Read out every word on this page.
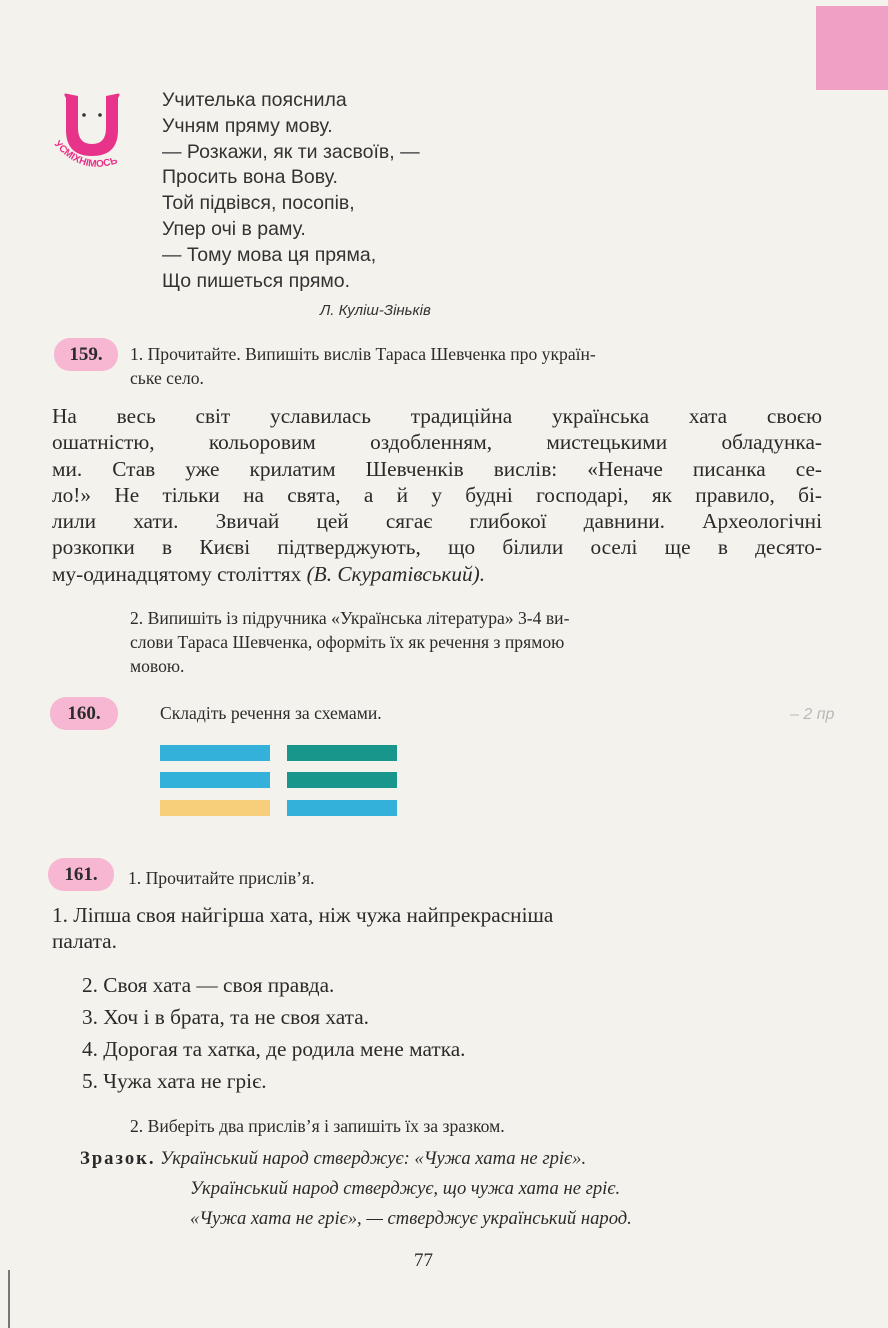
УСМІХНІМОСЬ
Учителька пояснила
Учням пряму мову.
— Розкажи, як ти засвоїв, —
Просить вона Вову.
Той підвівся, посопів,
Упер очі в раму.
— Тому мова ця пряма,
Що пишеться прямо.
Л. Куліш-Зіньків
159.	1. Прочитайте. Випишіть вислів Тараса Шевченка про україн-
ське село.
На весь світ уславилась традиційна українська хата своєю
ошатністю, кольоровим оздобленням, мистецькими обладунка-
ми. Став уже крилатим Шевченків вислів: «Неначе писанка се-
ло!» Не тільки на свята, а й у будні господарі, як правило, бі-
лили хати. Звичай цей сягає глибокої давнини. Археологічні
розкопки в Києві підтверджують, що білили оселі ще в десято-
му-одинадцятому століттях (В. Скуратівський).
2. Випишіть із підручника «Українська література» 3-4 ви-
слови Тараса Шевченка, оформіть їх як речення з прямою
мовою.
160.	Складіть речення за схемами.	– 2 пр
161.	1. Прочитайте прислів’я.
1. Ліпша своя найгірша хата, ніж чужа найпрекрасніша
палата.
2. Своя хата — своя правда.
3. Хоч і в брата, та не своя хата.
4. Дорогая та хатка, де родила мене матка.
5. Чужа хата не гріє.
2. Виберіть два прислів’я і запишіть їх за зразком.
Зразок. Український народ стверджує: «Чужа хата не гріє».
Український народ стверджує, що чужа хата не гріє.
«Чужа хата не гріє», — стверджує український народ.
77
